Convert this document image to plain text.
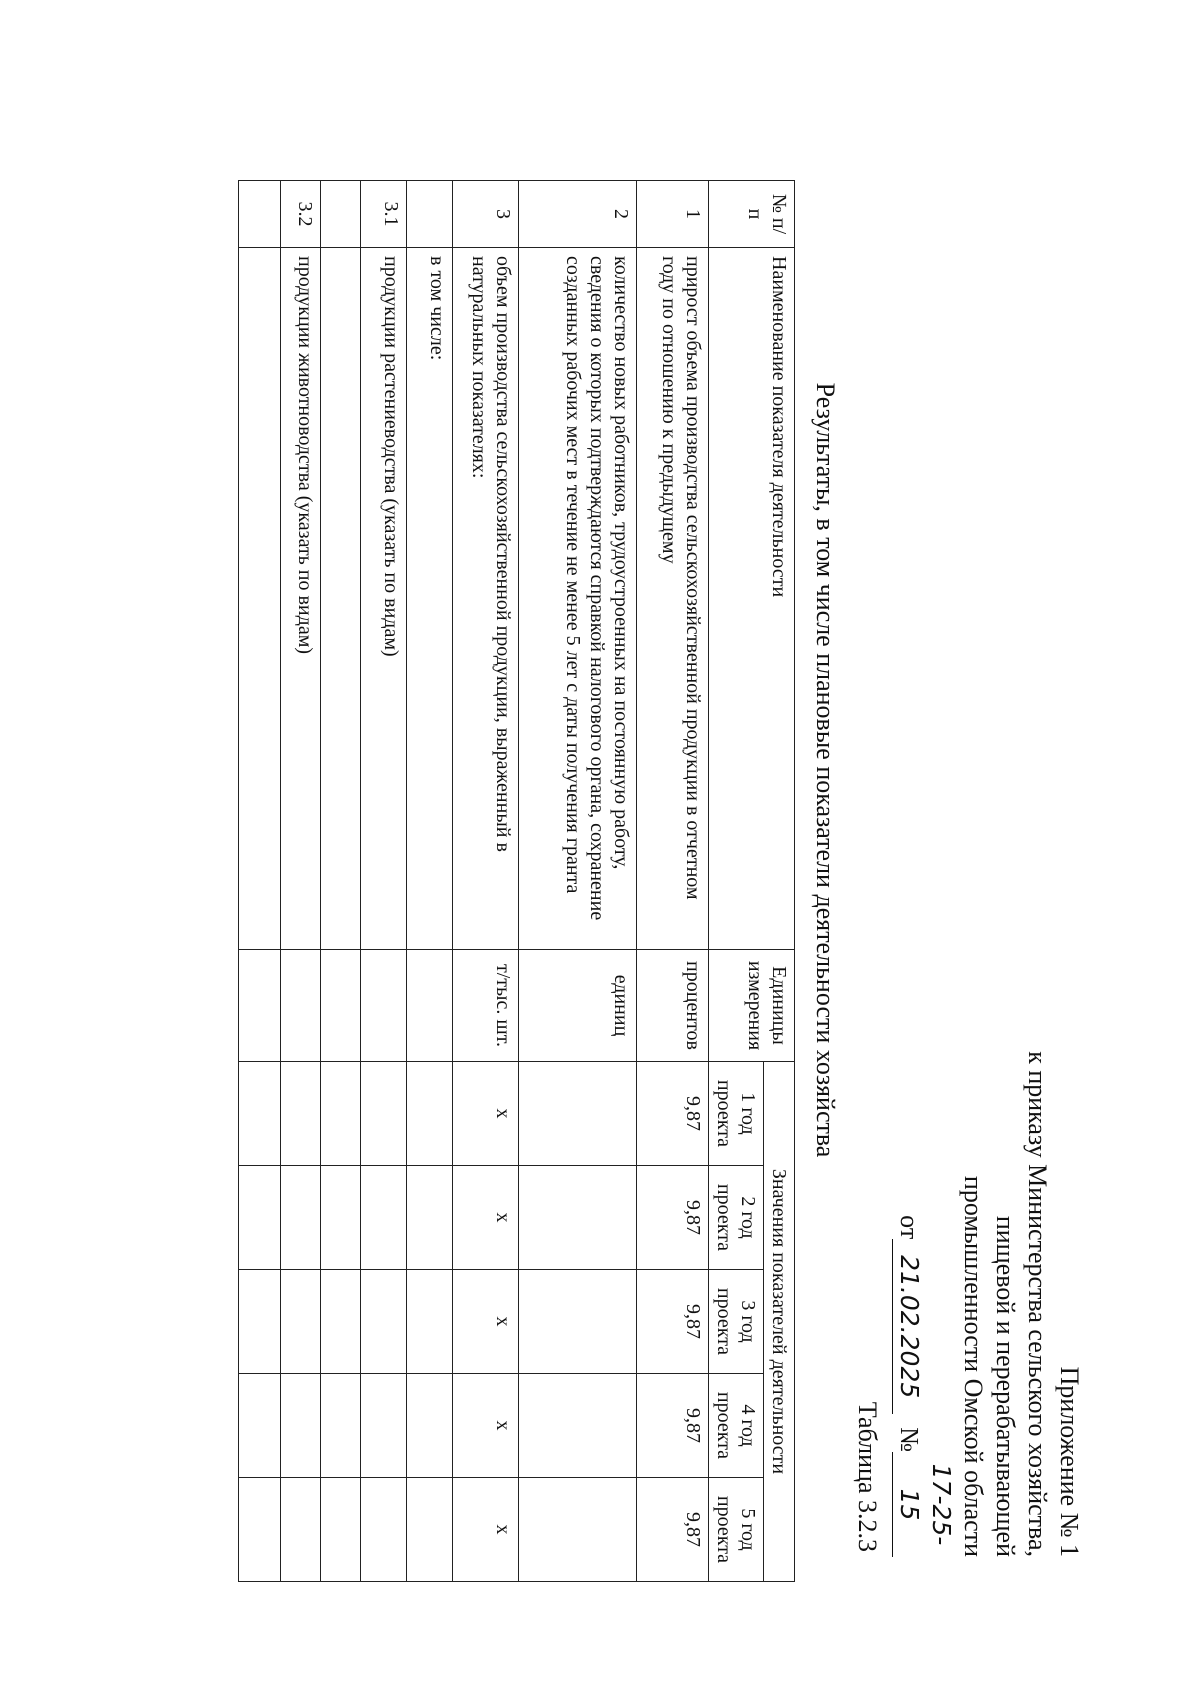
Приложение № 1
к приказу Министерства сельского хозяйства,
пищевой и перерабатывающей
промышленности Омской области
от21.02.2025  №17-25-15
Таблица 3.2.3
Результаты, в том числе плановые показатели деятельности хозяйства
№ п/п	Наименование показателя деятельности	Единицы измерения	Значения показателей деятельности				
			1 год проекта	2 год проекта	3 год проекта	4 год проекта	5 год проекта
1	прирост объема производства сельскохозяйственной продукции в отчетном году по отношению к предыдущему	процентов	9,87	9,87	9,87	9,87	9,87
2	количество новых работников, трудоустроенных на постоянную работу, сведения о которых подтверждаются справкой налогового органа, сохранение созданных рабочих мест в течение не менее 5 лет с даты получения гранта	единиц					
3	объем производства сельскохозяйственной продукции, выраженный в натуральных показателях:	т/тыс. шт.	х	х	х	х	х
	в том числе:						
3.1	продукции растениеводства (указать по видам)						

3.2	продукции животноводства (указать по видам)						
